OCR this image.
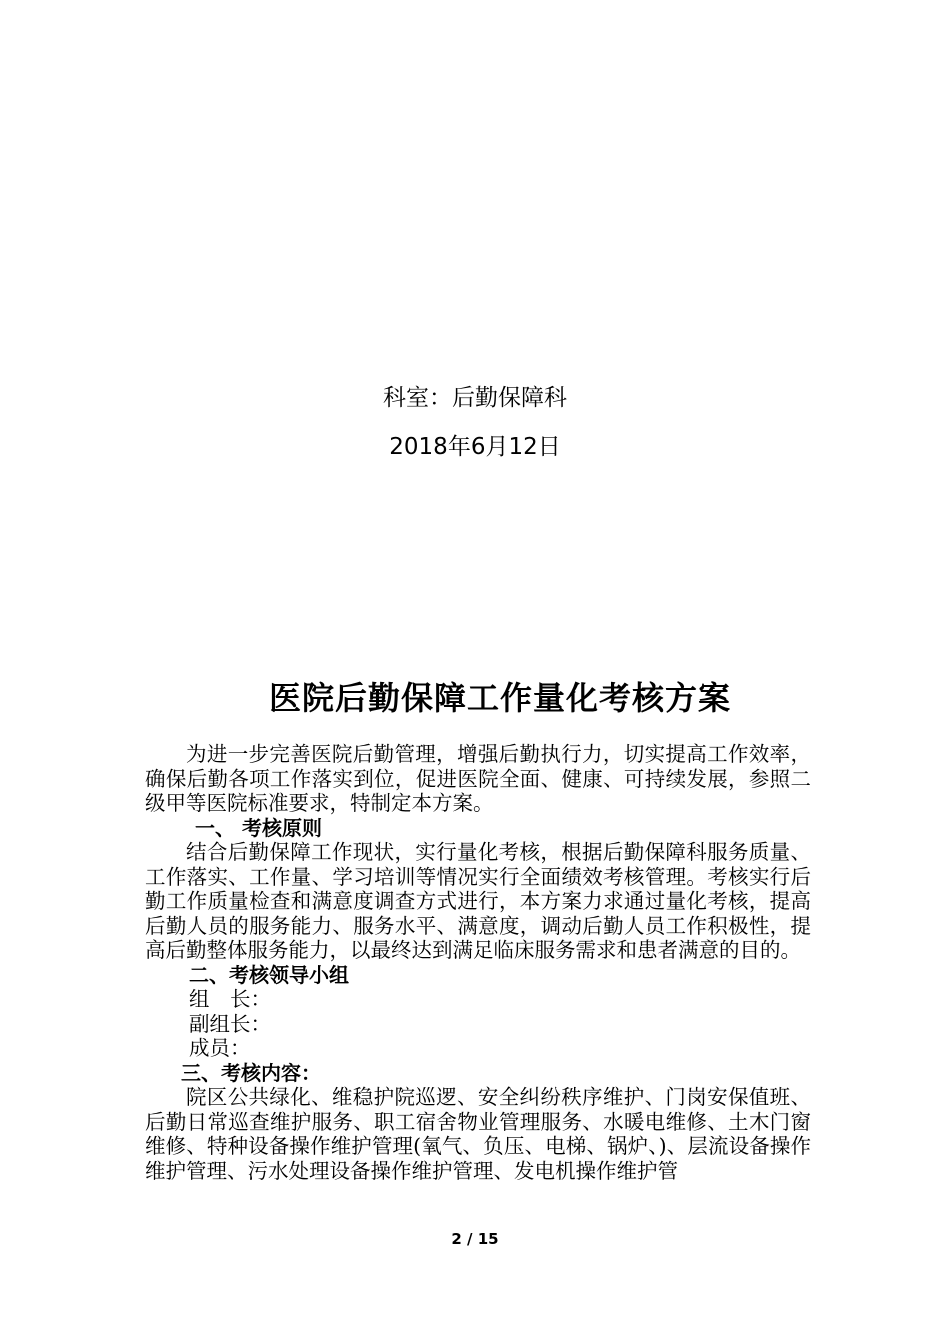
科室：后勤保障科
2018年6月12日
医院后勤保障工作量化考核方案

为进一步完善医院后勤管理，增强后勤执行力，切实提高工作效率，确保后勤各项工作落实到位，促进医院全面、健康、可持续发展，参照二级甲等医院标准要求，特制定本方案。

一、 考核原则

结合后勤保障工作现状，实行量化考核，根据后勤保障科服务质量、工作落实、工作量、学习培训等情况实行全面绩效考核管理。考核实行后勤工作质量检查和满意度调查方式进行，本方案力求通过量化考核，提高后勤人员的服务能力、服务水平、满意度，调动后勤人员工作积极性，提高后勤整体服务能力，以最终达到满足临床服务需求和患者满意的目的。

二、考核领导小组

组　长：

副组长：

成员：

三、考核内容：

院区公共绿化、维稳护院巡逻、安全纠纷秩序维护、门岗安保值班、后勤日常巡查维护服务、职工宿舍物业管理服务、水暖电维修、土木门窗维修、特种设备操作维护管理(氧气、负压、电梯、锅炉、)、层流设备操作维护管理、污水处理设备操作维护管理、发电机操作维护管

2 / 15
